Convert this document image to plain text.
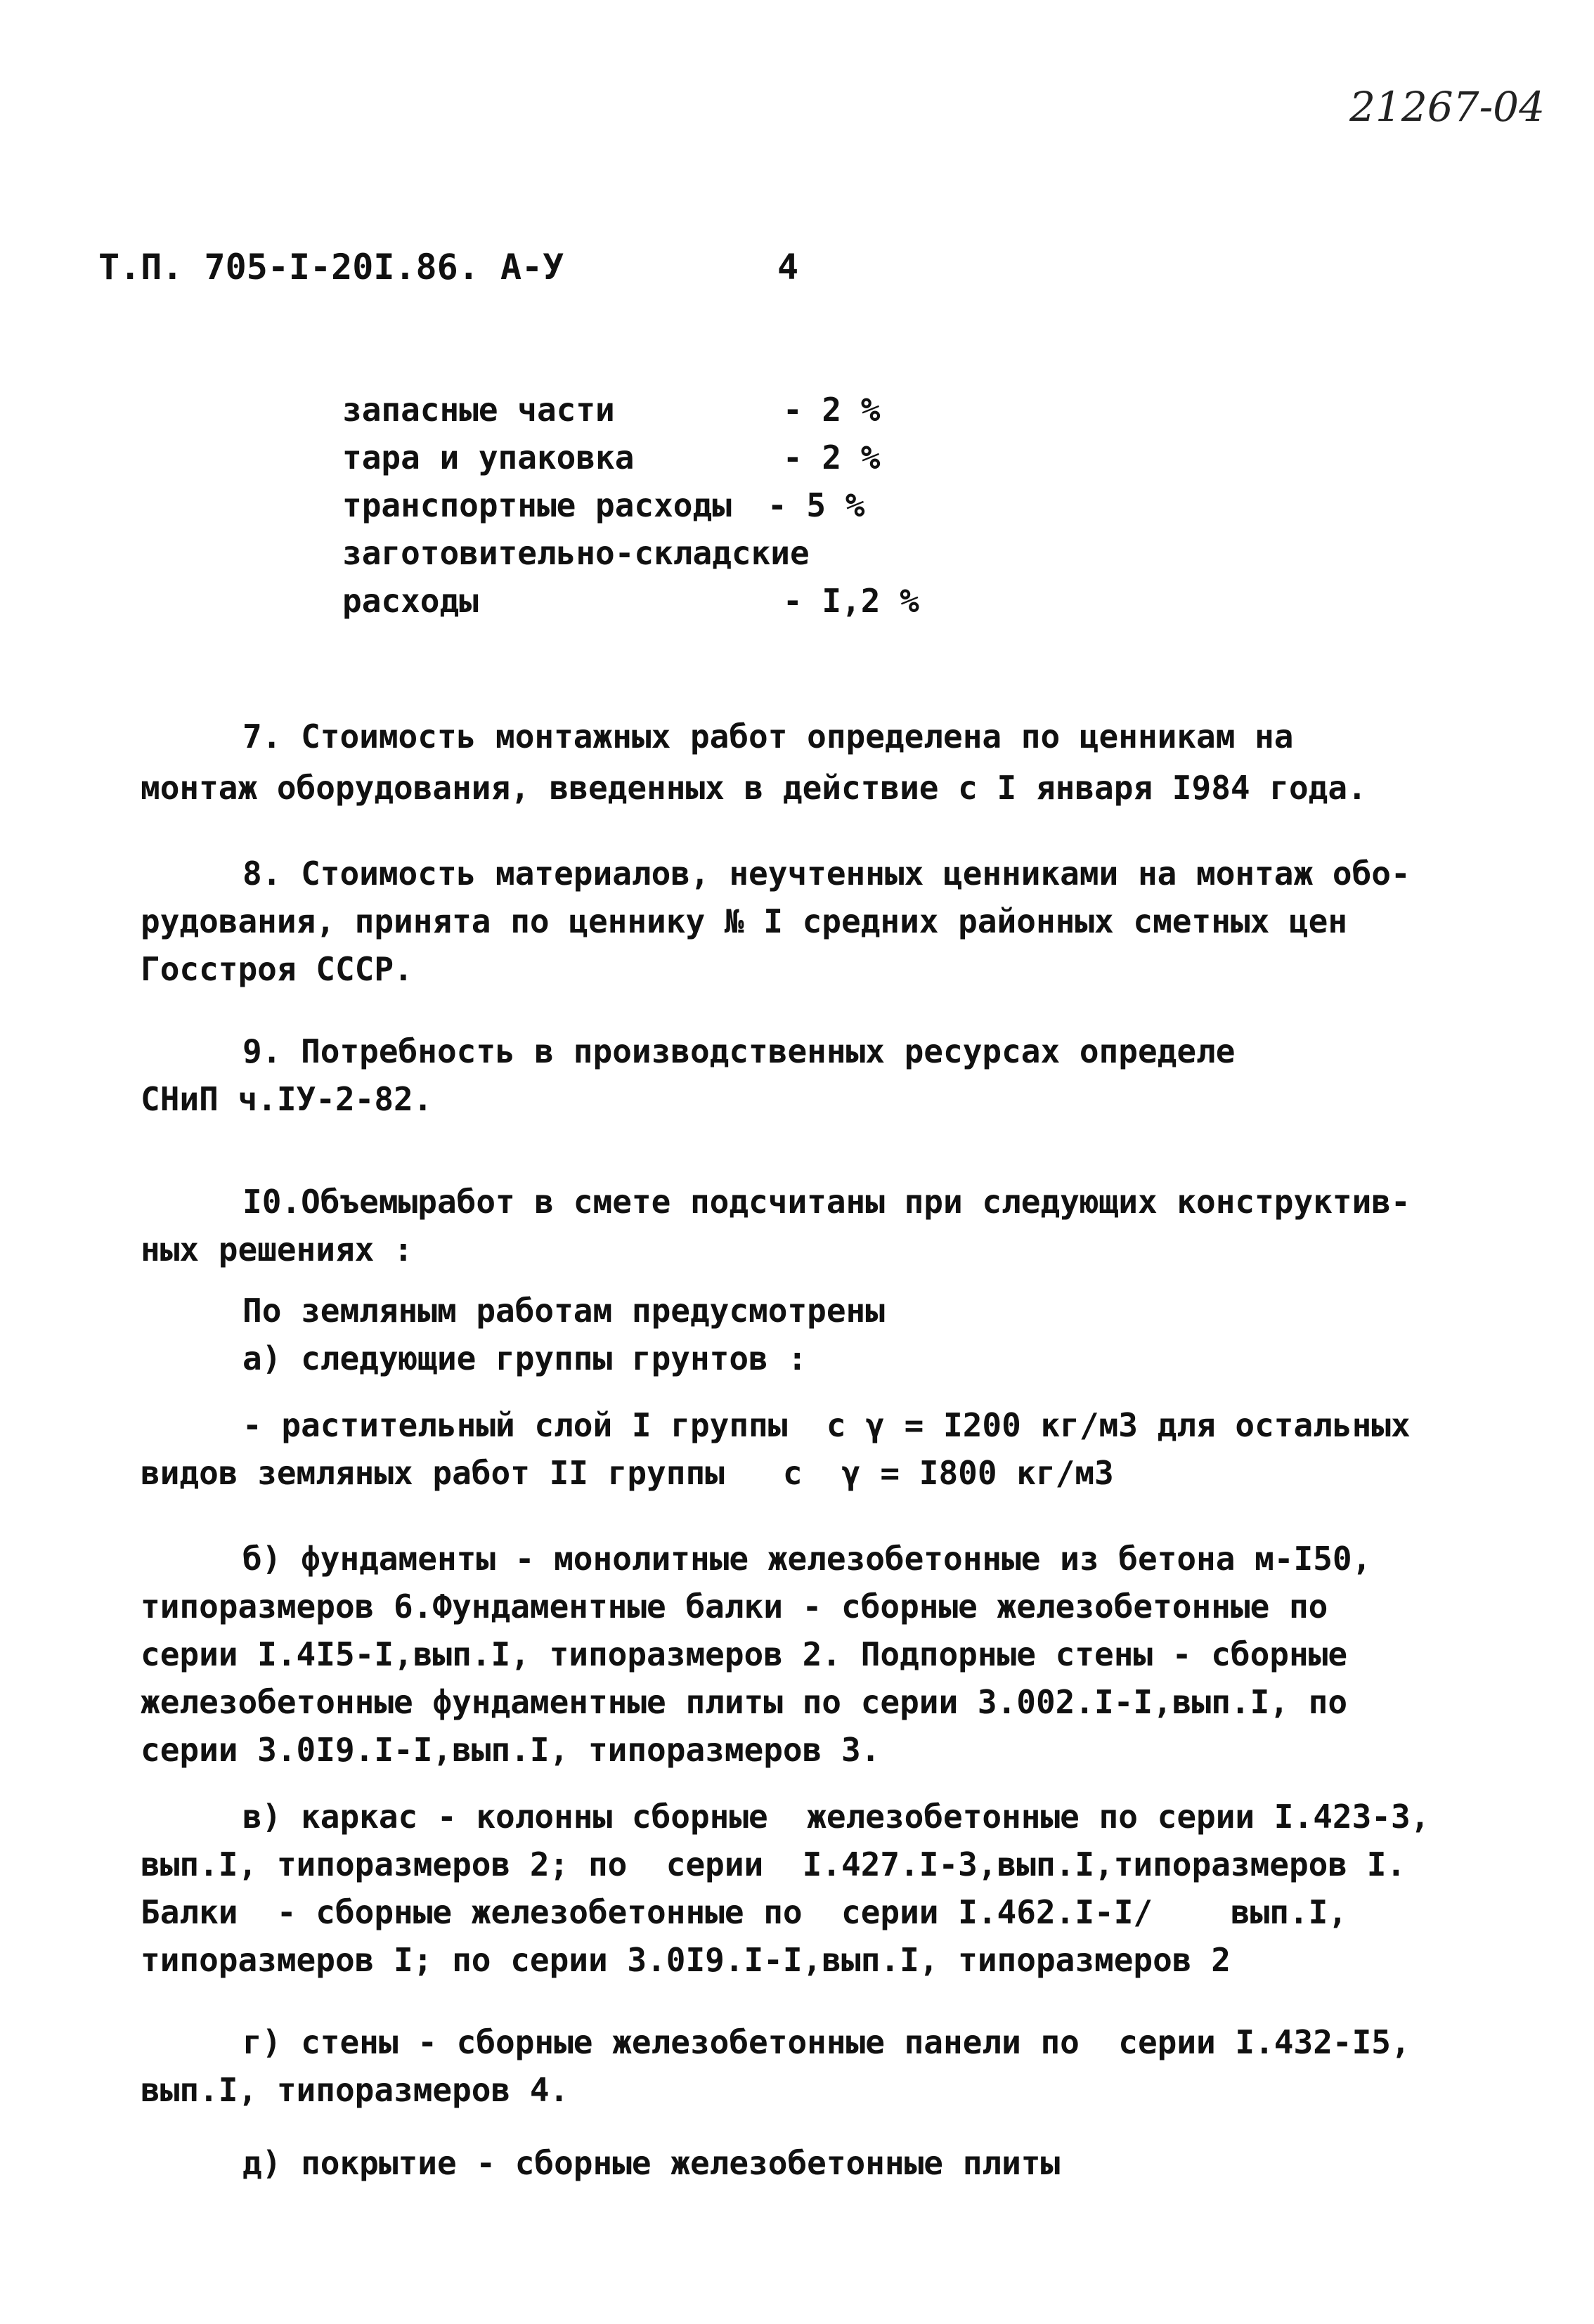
21267-04
Т.П. 705-I-20I.86. А-У	4
запасные части	- 2 %
тара и упаковка	- 2 %
транспортные расходы - 5 %
заготовительно-складские
расходы	- I,2 %
7. Стоимость монтажных работ определена по ценникам на
монтаж оборудования, введенных в действие с I января I984 года.
8. Стоимость материалов, неучтенных ценниками на монтаж обо-
рудования, принята по ценнику № I средних районных сметных цен
Госстроя СССР.
9. Потребность в производственных ресурсах определе
СНиП ч.IУ-2-82.
I0.Объемыработ в смете подсчитаны при следующих конструктив-
ных решениях :
По земляным работам предусмотрены
а) следующие группы грунтов :
- растительный слой I группы  с γ = I200 кг/м3 для остальных
видов земляных работ II группы   с  γ = I800 кг/м3
б) фундаменты - монолитные железобетонные из бетона м-I50,
типоразмеров 6.Фундаментные балки - сборные железобетонные по
серии I.4I5-I,вып.I, типоразмеров 2. Подпорные стены - сборные
железобетонные фундаментные плиты по серии 3.002.I-I,вып.I, по
серии 3.0I9.I-I,вып.I, типоразмеров 3.
в) каркас - колонны сборные  железобетонные по серии I.423-3,
вып.I, типоразмеров 2; по  серии  I.427.I-3,вып.I,типоразмеров I.
Балки  - сборные железобетонные по  серии I.462.I-I/    вып.I,
типоразмеров I; по серии 3.0I9.I-I,вып.I, типоразмеров 2
г) стены - сборные железобетонные панели по  серии I.432-I5,
вып.I, типоразмеров 4.
д) покрытие - сборные железобетонные плиты
